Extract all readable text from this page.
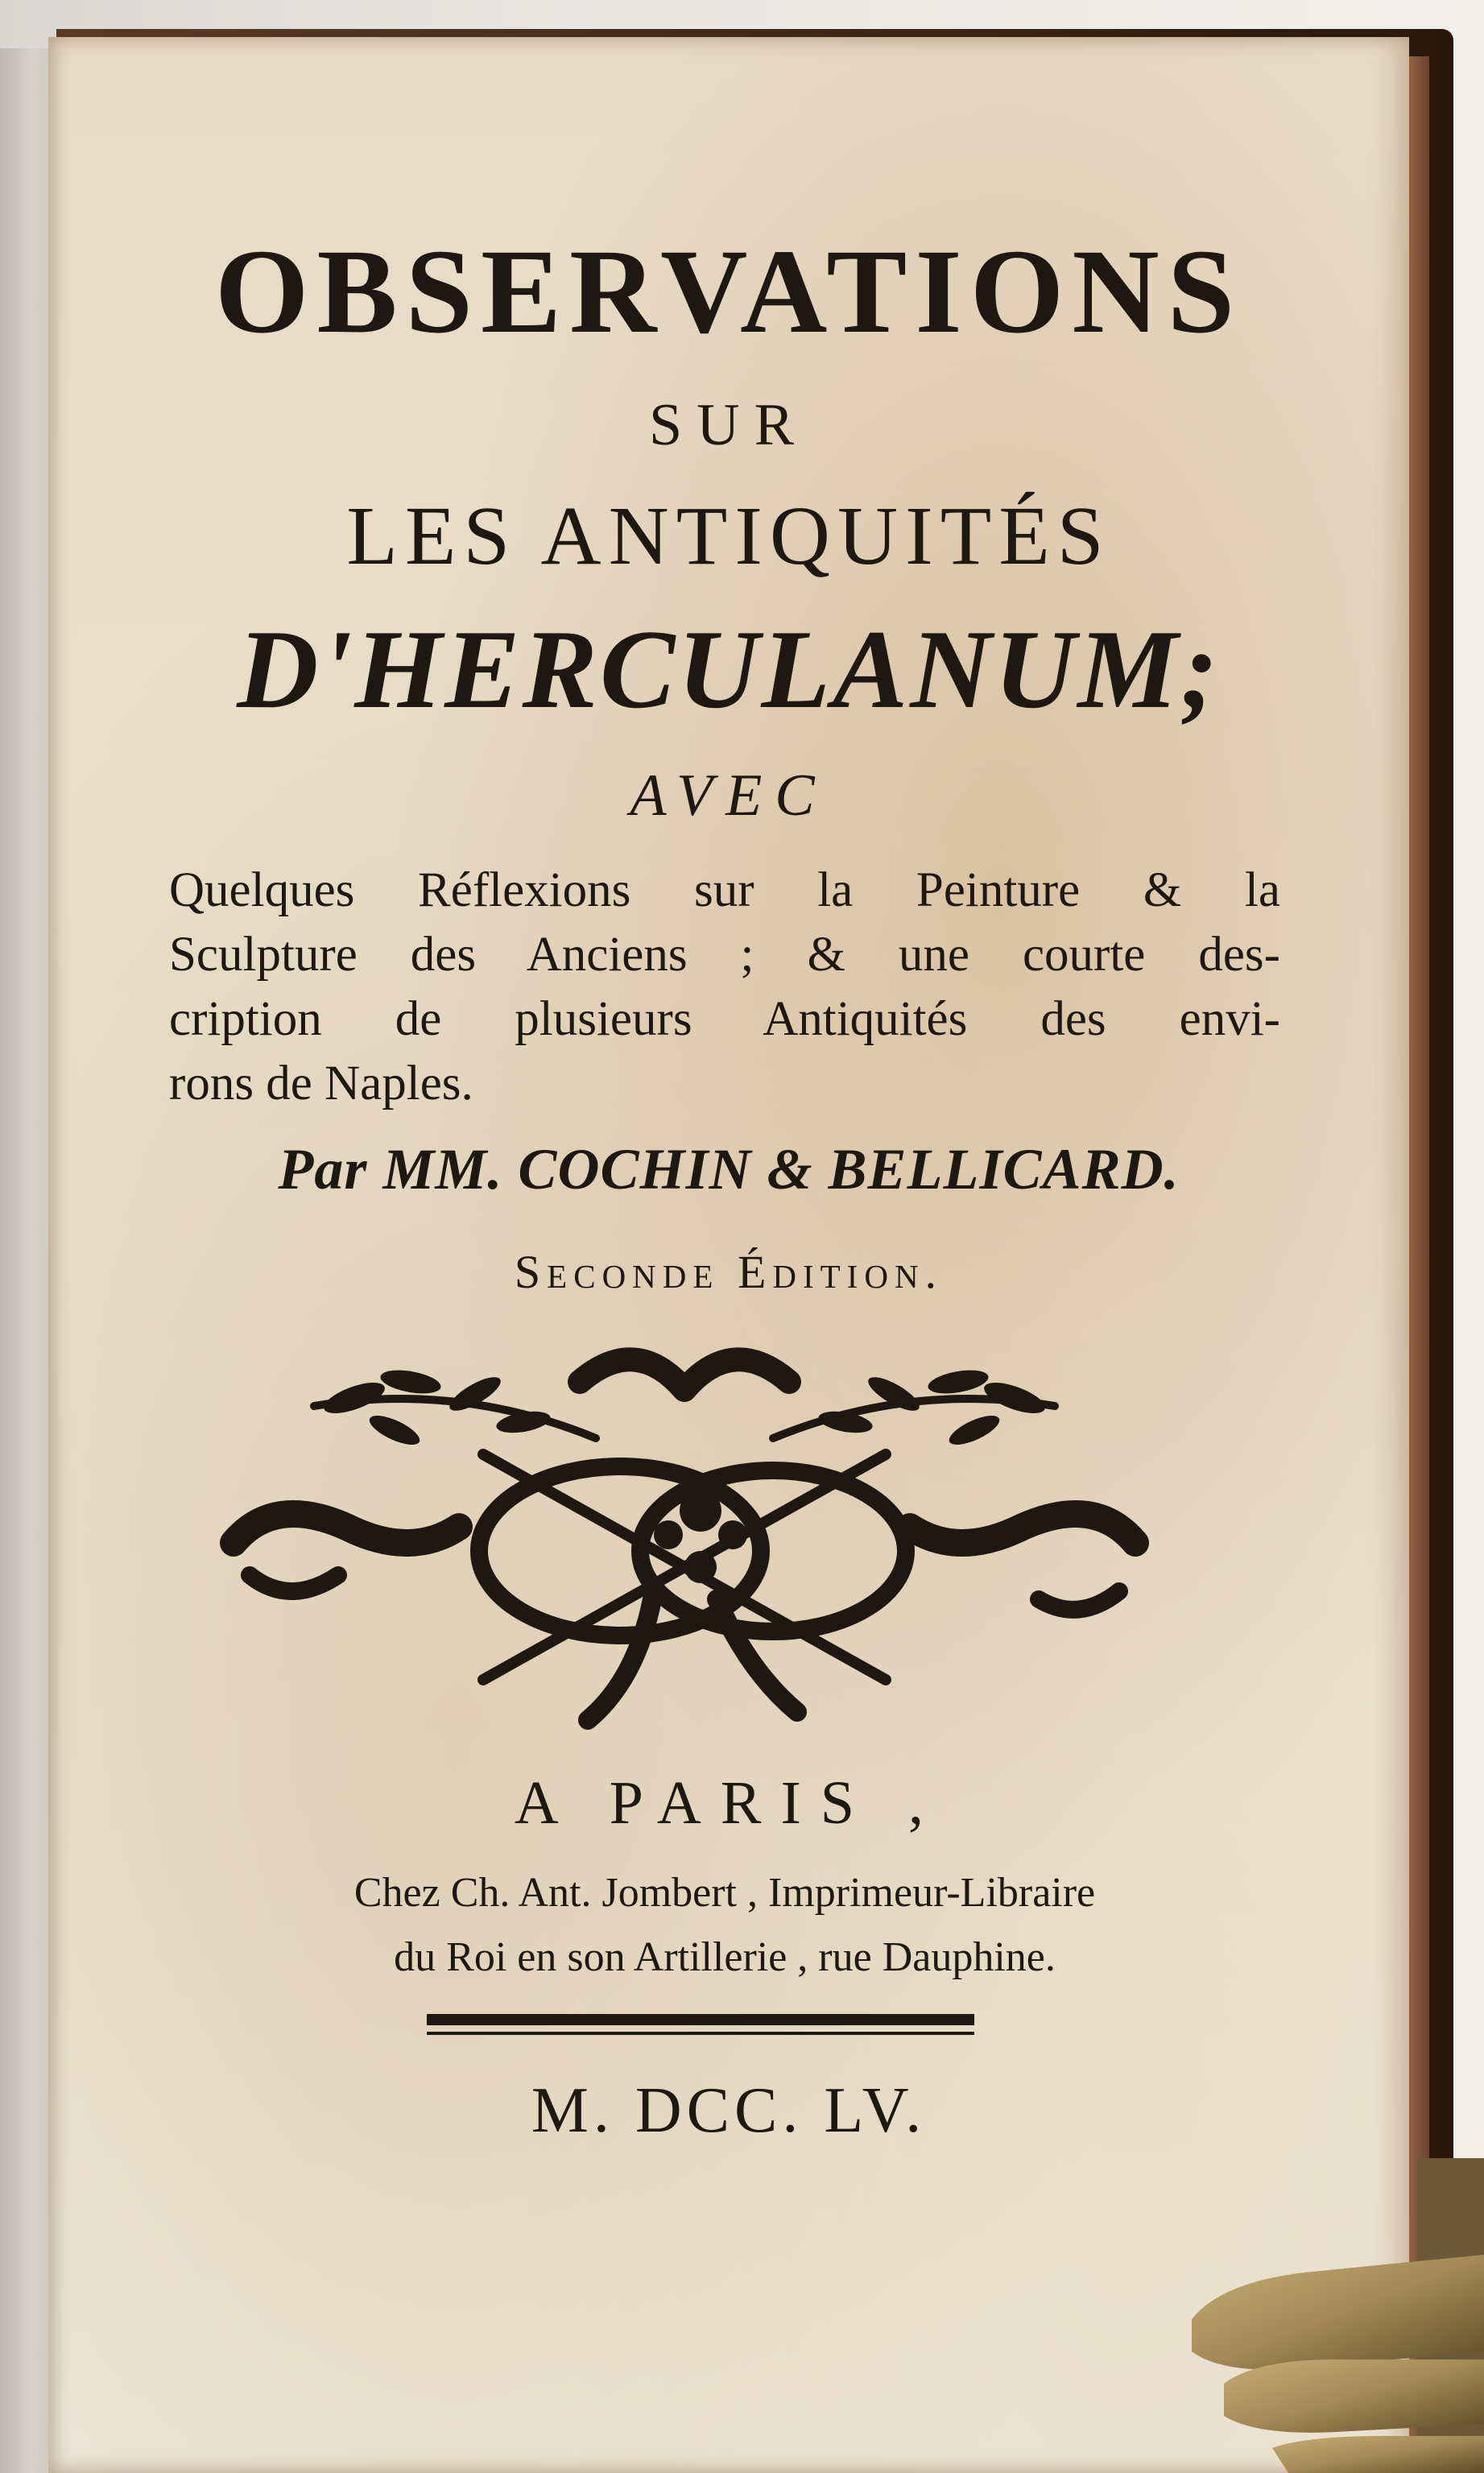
OBSERVATIONS

SUR

LES ANTIQUITÉS

D'HERCULANUM;

AVEC

Quelques Réflexions sur la Peinture & la
Sculpture des Anciens ; & une courte des-
cription de plusieurs Antiquités des envi-
rons de Naples.

Par MM. COCHIN & BELLICARD.

Seconde Édition.

A PARIS ,

Chez Ch. Ant. Jombert , Imprimeur-Libraire
du Roi en son Artillerie , rue Dauphine.

M. DCC. LV.
